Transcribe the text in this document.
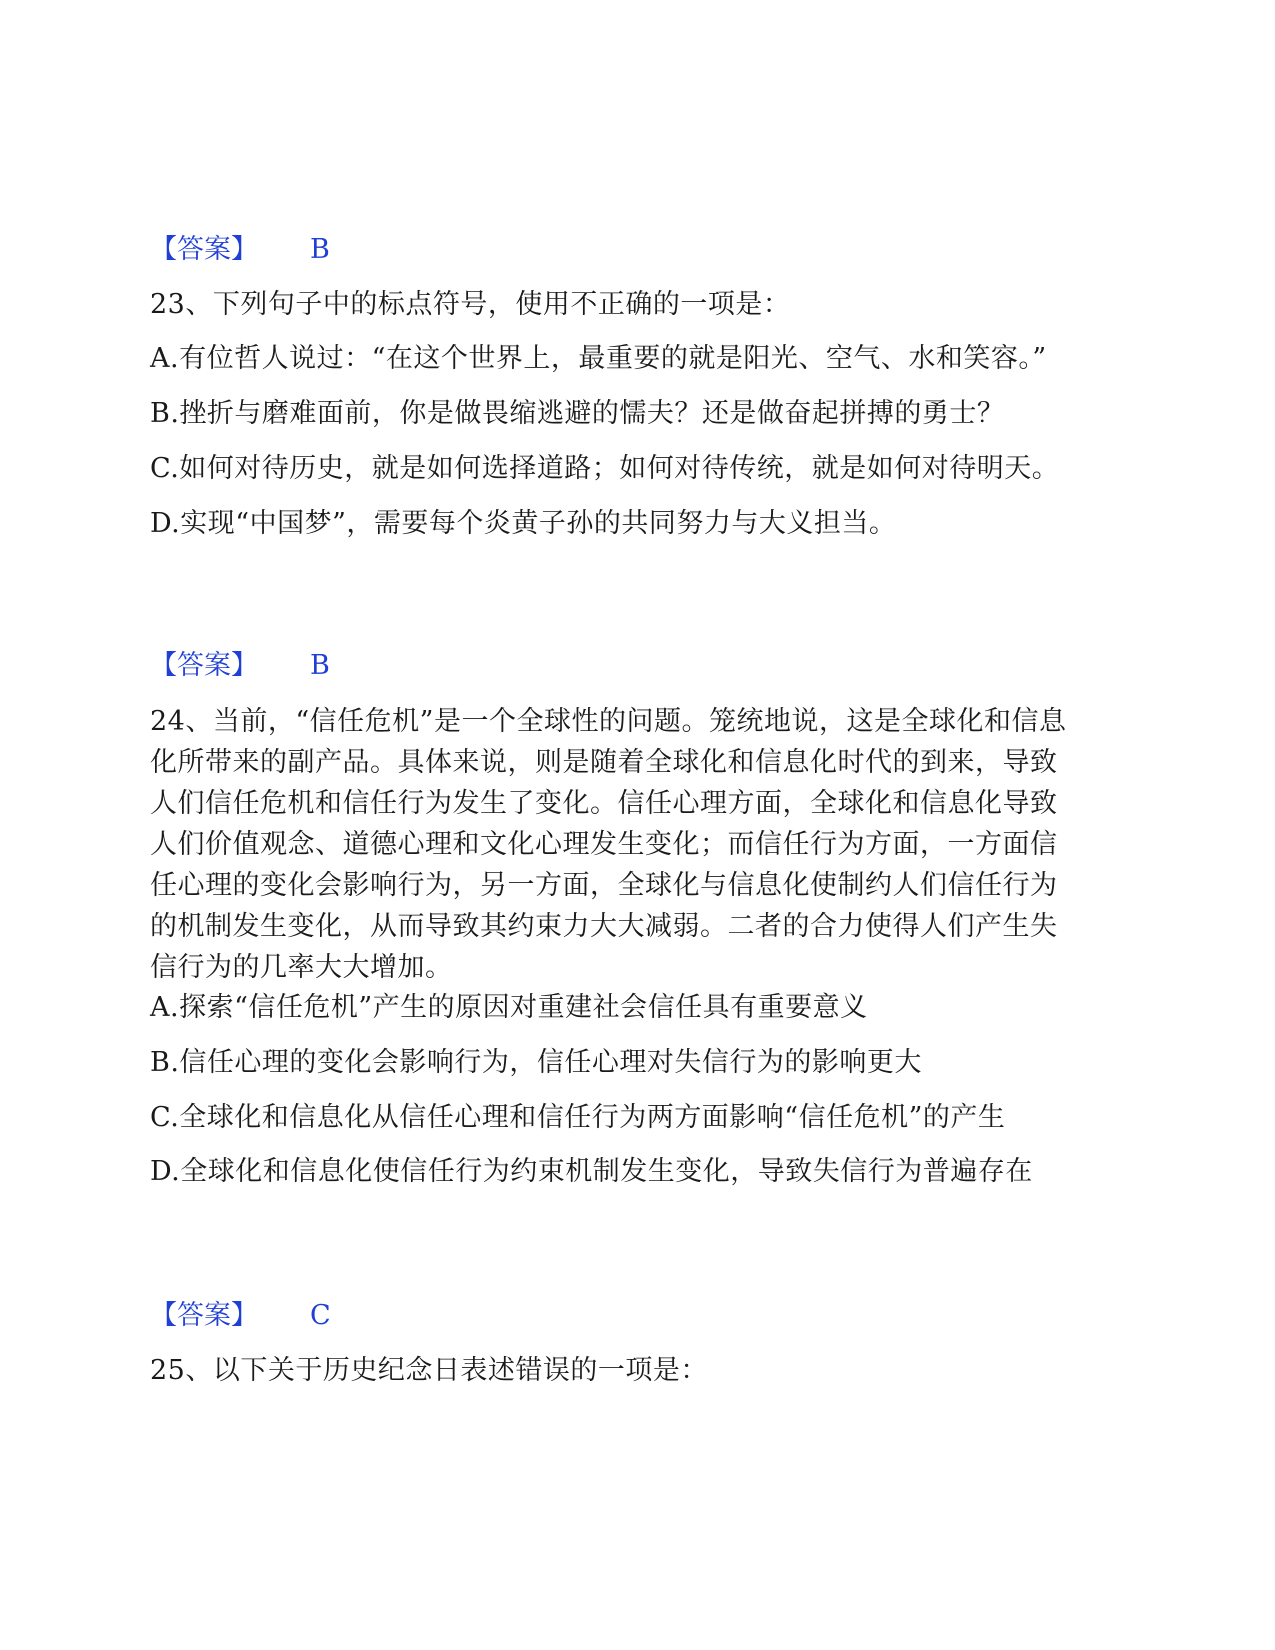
【答案】 B
23、下列句子中的标点符号，使用不正确的一项是：
A.有位哲人说过：“在这个世界上，最重要的就是阳光、空气、水和笑容。”
B.挫折与磨难面前，你是做畏缩逃避的懦夫？还是做奋起拼搏的勇士？
C.如何对待历史，就是如何选择道路；如何对待传统，就是如何对待明天。
D.实现“中国梦”，需要每个炎黄子孙的共同努力与大义担当。
【答案】 B
24、当前，“信任危机”是一个全球性的问题。笼统地说，这是全球化和信息
化所带来的副产品。具体来说，则是随着全球化和信息化时代的到来，导致
人们信任危机和信任行为发生了变化。信任心理方面，全球化和信息化导致
人们价值观念、道德心理和文化心理发生变化；而信任行为方面，一方面信
任心理的变化会影响行为，另一方面，全球化与信息化使制约人们信任行为
的机制发生变化，从而导致其约束力大大减弱。二者的合力使得人们产生失
信行为的几率大大增加。
A.探索“信任危机”产生的原因对重建社会信任具有重要意义
B.信任心理的变化会影响行为，信任心理对失信行为的影响更大
C.全球化和信息化从信任心理和信任行为两方面影响“信任危机”的产生
D.全球化和信息化使信任行为约束机制发生变化，导致失信行为普遍存在
【答案】 C
25、以下关于历史纪念日表述错误的一项是：
